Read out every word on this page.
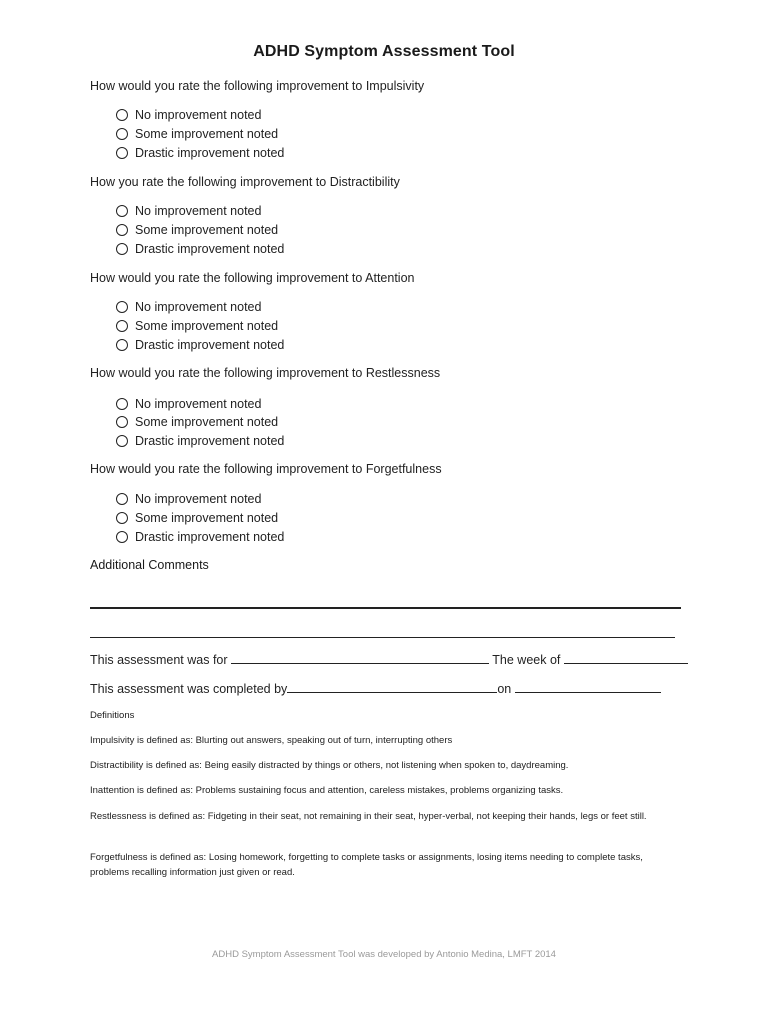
ADHD Symptom Assessment Tool
How would you rate the following improvement to Impulsivity
No improvement noted
Some improvement noted
Drastic improvement noted
How you rate the following improvement to Distractibility
No improvement noted
Some improvement noted
Drastic improvement noted
How would you rate the following improvement to Attention
No improvement noted
Some improvement noted
Drastic improvement noted
How would you rate the following improvement to Restlessness
No improvement noted
Some improvement noted
Drastic improvement noted
How would you rate the following improvement to Forgetfulness
No improvement noted
Some improvement noted
Drastic improvement noted
Additional Comments
This assessment was for	The week of
This assessment was completed by	on
Definitions
Impulsivity is defined as: Blurting out answers, speaking out of turn, interrupting others
Distractibility is defined as: Being easily distracted by things or others, not listening when spoken to, daydreaming.
Inattention is defined as: Problems sustaining focus and attention, careless mistakes, problems organizing tasks.
Restlessness is defined as: Fidgeting in their seat, not remaining in their seat, hyper-verbal, not keeping their hands, legs or feet still.
Forgetfulness is defined as: Losing homework, forgetting to complete tasks or assignments, losing items needing to complete tasks, problems recalling information just given or read.
ADHD Symptom Assessment Tool was developed by Antonio Medina, LMFT 2014
